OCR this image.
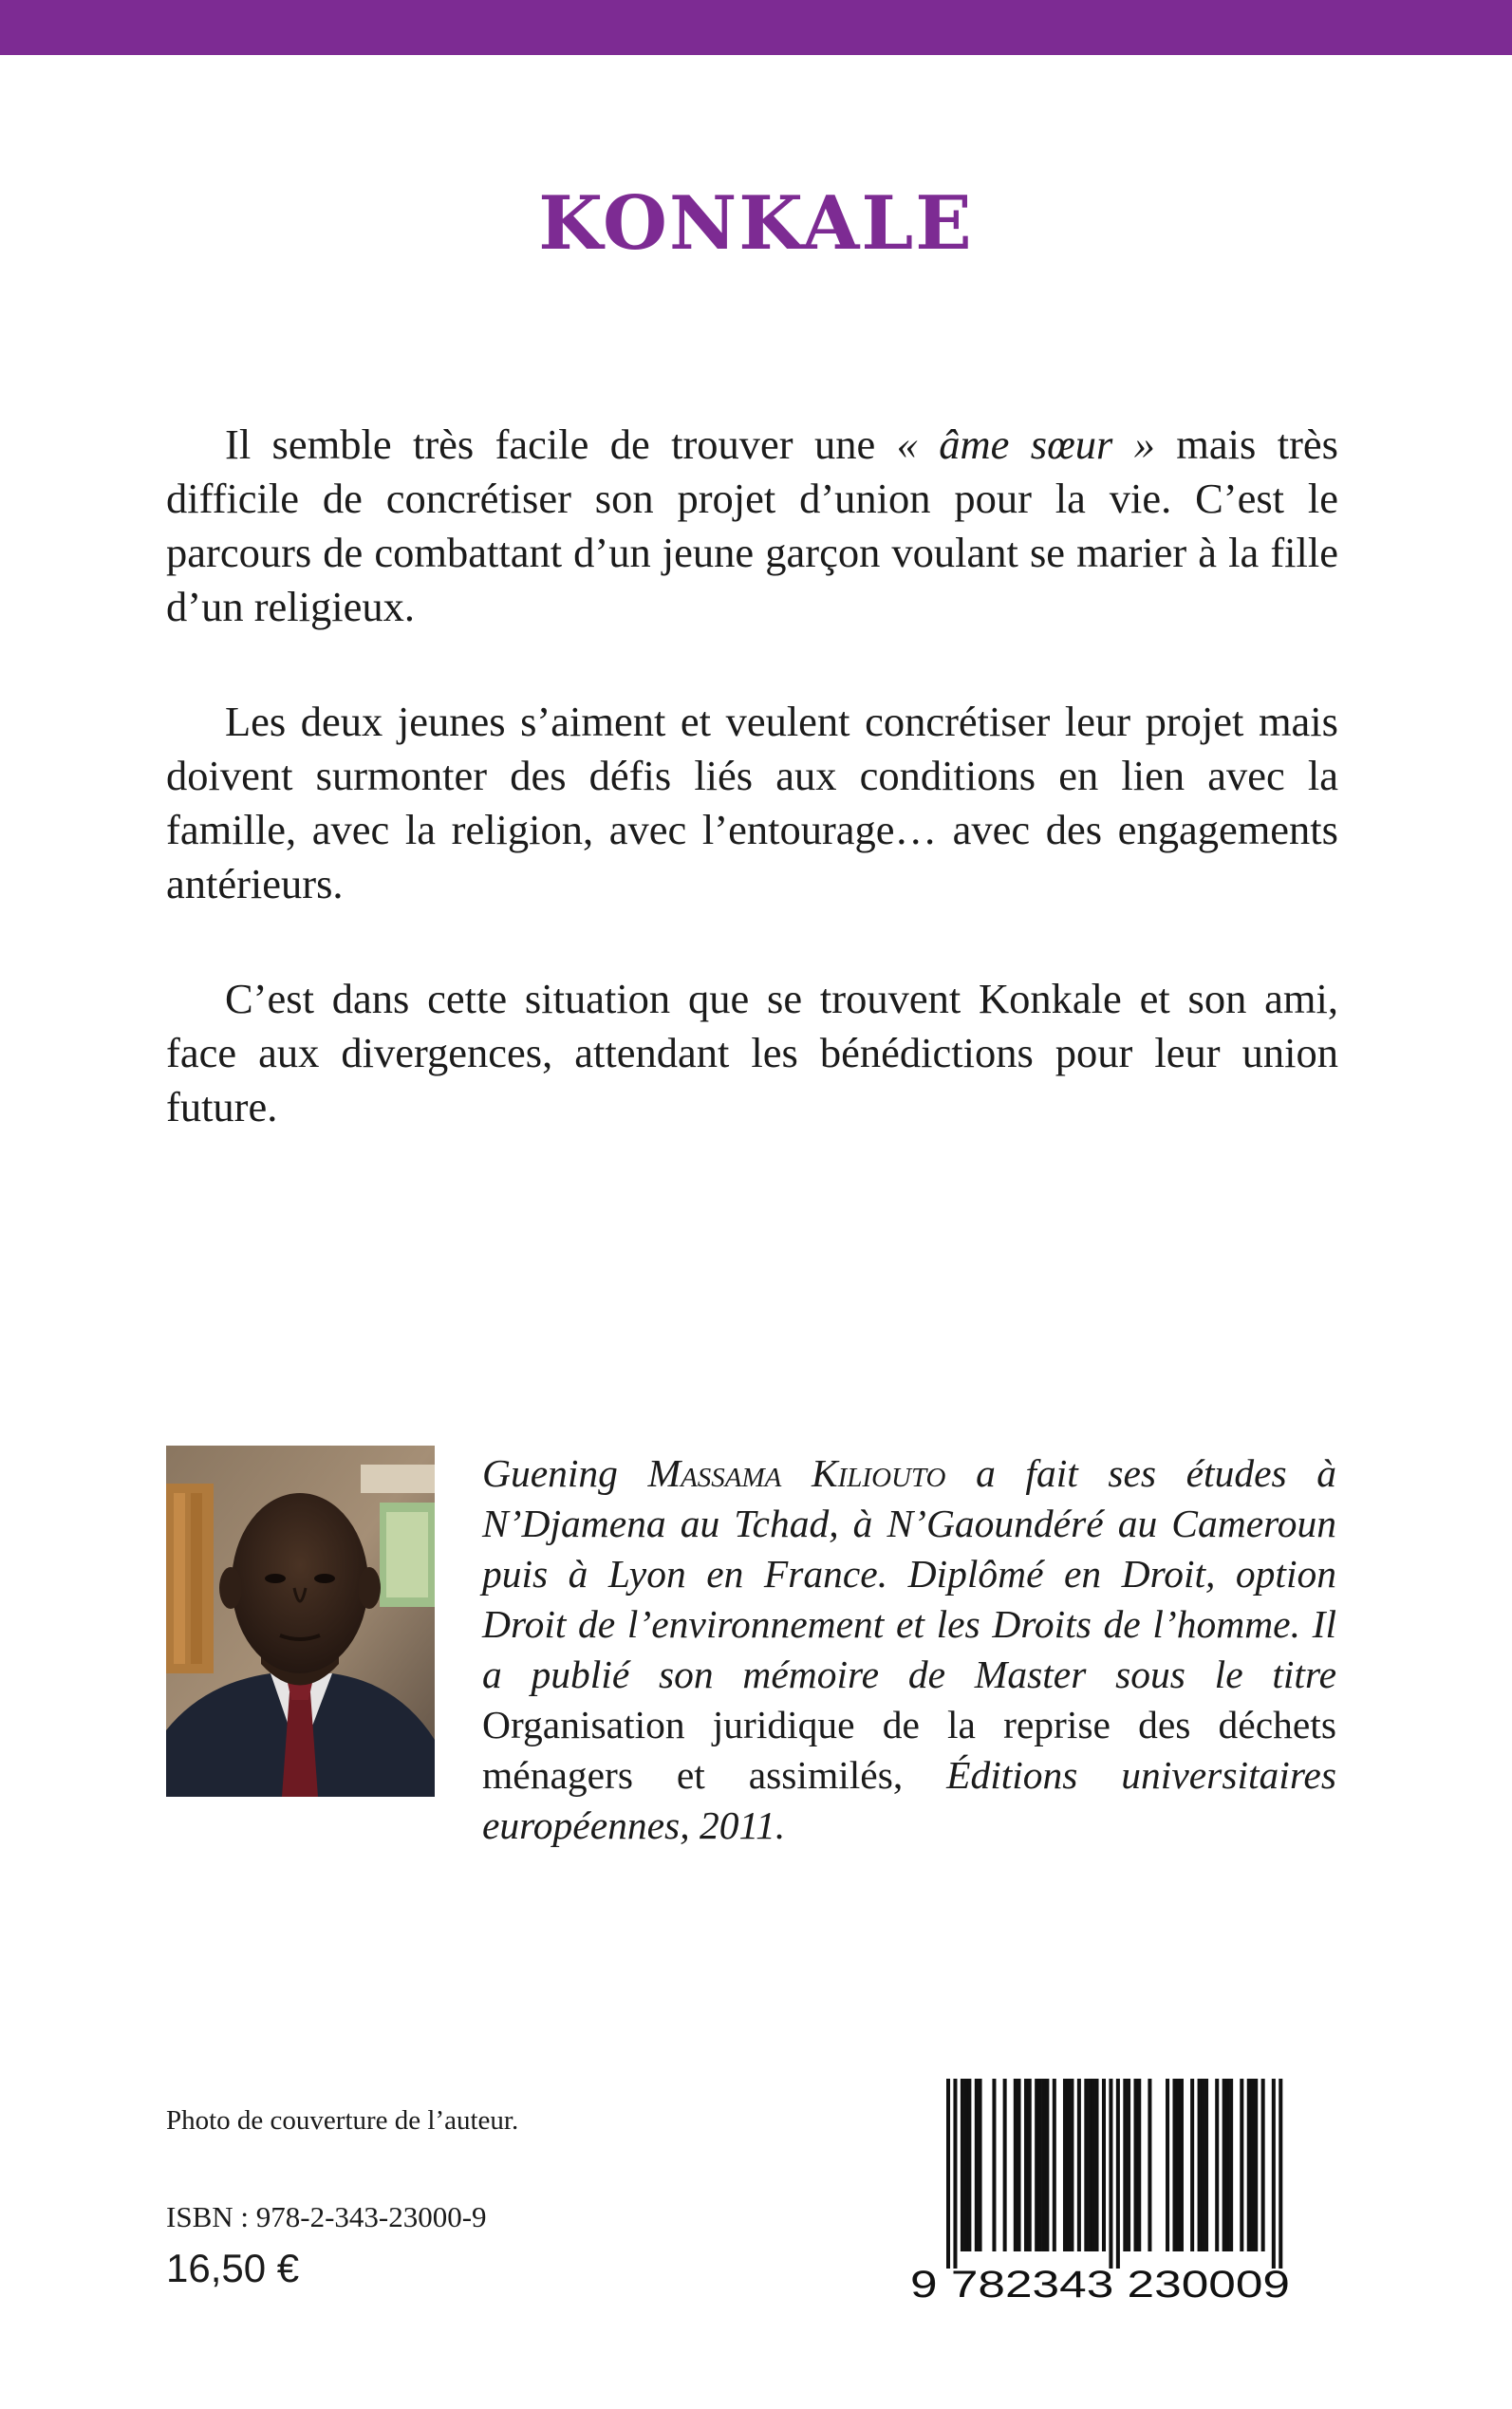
KONKALE

Il semble très facile de trouver une « âme sœur » mais très difficile de concrétiser son projet d’union pour la vie. C’est le parcours de combattant d’un jeune garçon voulant se marier à la fille d’un religieux.

Les deux jeunes s’aiment et veulent concrétiser leur projet mais doivent surmonter des défis liés aux conditions en lien avec la famille, avec la religion, avec l’entourage… avec des engagements antérieurs.

C’est dans cette situation que se trouvent Konkale et son ami, face aux divergences, attendant les bénédictions pour leur union future.

Guening Massama Kiliouto a fait ses études à N’Djamena au Tchad, à N’Gaoundéré au Cameroun puis à Lyon en France. Diplômé en Droit, option Droit de l’environnement et les Droits de l’homme. Il a publié son mémoire de Master sous le titre Organisation juridique de la reprise des déchets ménagers et assimilés, Éditions universitaires européennes, 2011.

Photo de couverture de l’auteur.

ISBN : 978-2-343-23000-9

16,50 €	9 782343 230009
